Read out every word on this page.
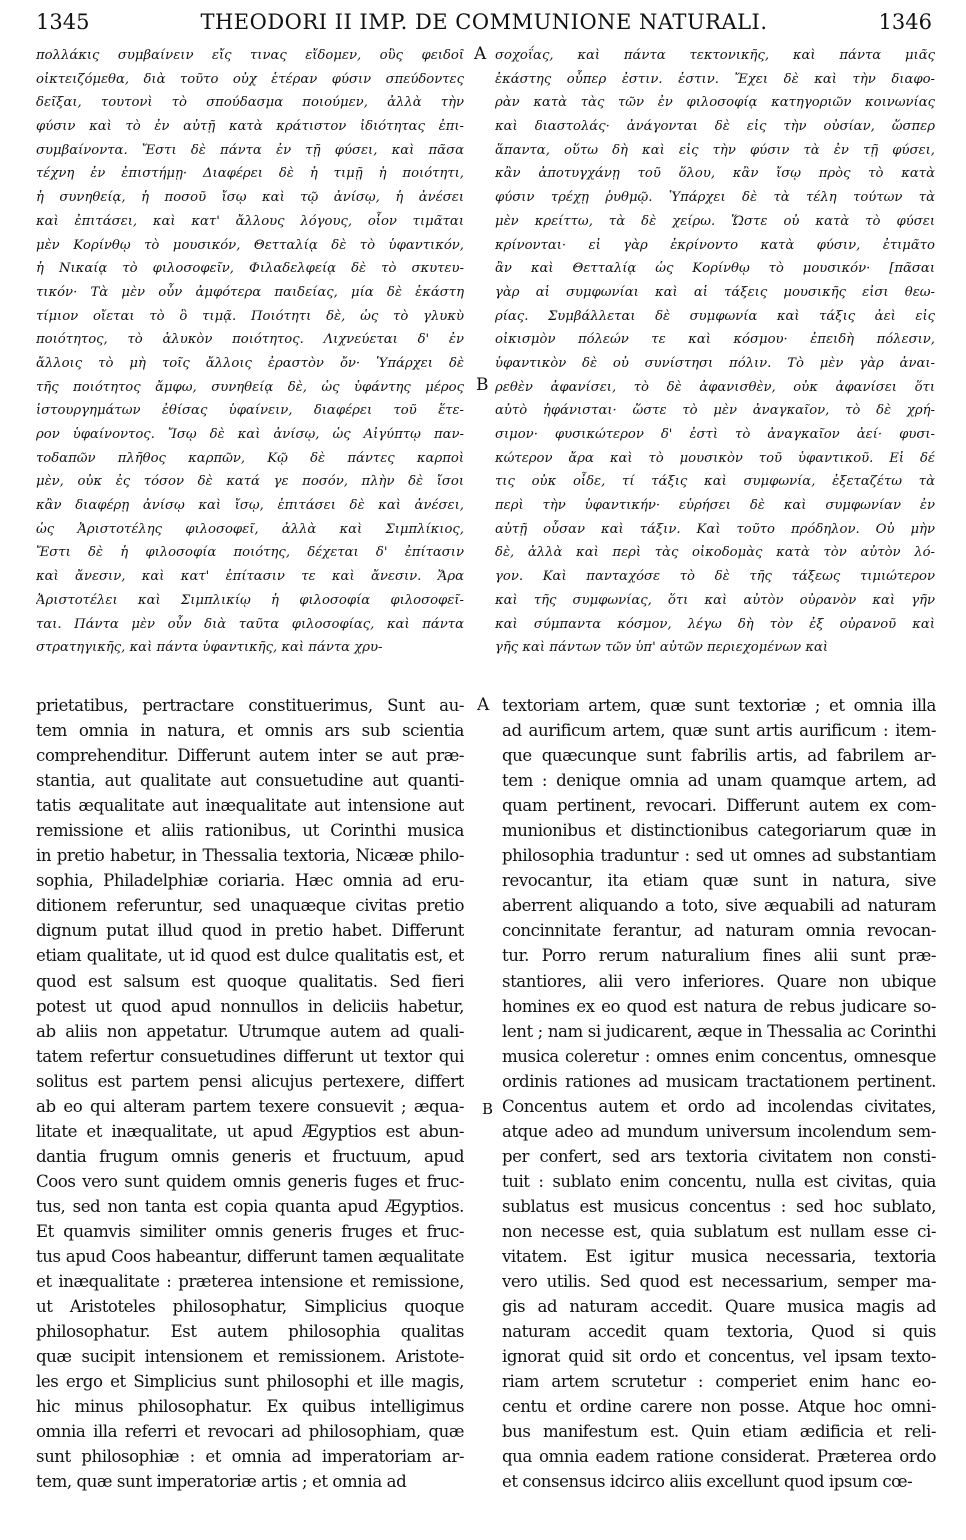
1345	THEODORI II IMP. DE COMMUNIONE NATURALI.	1346
πολλάκις συμβαίνειν εἴς τινας εἴδομεν, οὓς φειδοῖ
οἰκτειζόμεθα, διὰ τοῦτο οὐχ ἑτέραν φύσιν σπεύδοντες
δεῖξαι, τουτονὶ τὸ σπούδασμα ποιούμεν, ἀλλὰ τὴν
φύσιν καὶ τὸ ἐν αὐτῇ κατὰ κράτιστον ἰδιότητας ἐπι-
συμβαίνοντα. Ἔστι δὲ πάντα ἐν τῇ φύσει, καὶ πᾶσα
τέχνη ἐν ἐπιστήμῃ· Διαφέρει δὲ ἡ τιμῇ ἡ ποιότητι,
ἡ συνηθείᾳ, ἡ ποσοῦ ἴσῳ καὶ τῷ ἀνίσῳ, ἡ ἀνέσει
καὶ ἐπιτάσει, καὶ κατ' ἄλλους λόγους, οἷον τιμᾶται
μὲν Κορίνθῳ τὸ μουσικόν, Θετταλίᾳ δὲ τὸ ὑφαντικόν,
ἡ Νικαίᾳ τὸ φιλοσοφεῖν, Φιλαδελφείᾳ δὲ τὸ σκυτευ-
τικόν· Τὰ μὲν οὖν ἀμφότερα παιδείας, μία δὲ ἑκάστη
τίμιον οἴεται τὸ ὃ τιμᾷ. Ποιότητι δὲ, ὡς τὸ γλυκὺ
ποιότητος, τὸ ἁλυκὸν ποιότητος. Λιχνεύεται δ' ἐν
ἄλλοις τὸ μὴ τοῖς ἄλλοις ἐραστὸν ὄν· Ὑπάρχει δὲ
τῆς ποιότητος ἄμφω, συνηθείᾳ δὲ, ὡς ὑφάντης μέρος
ἱστουργημάτων ἐθίσας ὑφαίνειν, διαφέρει τοῦ ἕτε-
ρον ὑφαίνοντος. Ἴσῳ δὲ καὶ ἀνίσῳ, ὡς Αἰγύπτῳ παν-
τοδαπῶν πλῆθος καρπῶν, Κῷ δὲ πάντες καρποὶ
μὲν, οὐκ ἐς τόσον δὲ κατά γε ποσόν, πλὴν δὲ ἴσοι
κἂν διαφέρῃ ἀνίσῳ καὶ ἴσῳ, ἐπιτάσει δὲ καὶ ἀνέσει,
ὡς Ἀριστοτέλης φιλοσοφεῖ, ἀλλὰ καὶ Σιμπλίκιος,
Ἔστι δὲ ἡ φιλοσοφία ποιότης, δέχεται δ' ἐπίτασιν
καὶ ἄνεσιν, καὶ κατ' ἐπίτασιν τε καὶ ἄνεσιν. Ἄρα
Ἀριστοτέλει καὶ Σιμπλικίῳ ἡ φιλοσοφία φιλοσοφεῖ-
ται. Πάντα μὲν οὖν διὰ ταῦτα φιλοσοφίας, καὶ πάντα
στρατηγικῆς, καὶ πάντα ὑφαντικῆς, καὶ πάντα χρυ-
σοχοΐας, καὶ πάντα τεκτονικῆς, καὶ πάντα μιᾶς
ἑκάστης οὗπερ ἐστιν. ἐστιν. Ἔχει δὲ καὶ τὴν διαφο-
ρὰν κατὰ τὰς τῶν ἐν φιλοσοφίᾳ κατηγοριῶν κοινωνίας
καὶ διαστολάς· ἀνάγονται δὲ εἰς τὴν οὐσίαν, ὥσπερ
ἅπαντα, οὕτω δὴ καὶ εἰς τὴν φύσιν τὰ ἐν τῇ φύσει,
κἂν ἀποτυγχάνῃ τοῦ ὅλου, κἂν ἴσῳ πρὸς τὸ κατὰ
φύσιν τρέχῃ ῥυθμῷ. Ὑπάρχει δὲ τὰ τέλη τούτων τὰ
μὲν κρείττω, τὰ δὲ χείρω. Ὥστε οὐ κατὰ τὸ φύσει
κρίνονται· εἰ γὰρ ἐκρίνοντο κατὰ φύσιν, ἐτιμᾶτο
ἂν καὶ Θετταλίᾳ ὡς Κορίνθῳ τὸ μουσικόν· [πᾶσαι
γὰρ αἱ συμφωνίαι καὶ αἱ τάξεις μουσικῆς εἰσι θεω-
ρίας. Συμβάλλεται δὲ συμφωνία καὶ τάξις ἀεὶ εἰς
οἰκισμὸν πόλεών τε καὶ κόσμου· ἐπειδὴ πόλεσιν,
ὑφαντικὸν δὲ οὐ συνίστησι πόλιν. Τὸ μὲν γὰρ ἀναι-
ρεθὲν ἀφανίσει, τὸ δὲ ἀφανισθὲν, οὐκ ἀφανίσει ὅτι
αὐτὸ ἠφάνισται· ὥστε τὸ μὲν ἀναγκαῖον, τὸ δὲ χρή-
σιμον· φυσικώτερον δ' ἐστὶ τὸ ἀναγκαῖον ἀεί· φυσι-
κώτερον ἄρα καὶ τὸ μουσικὸν τοῦ ὑφαντικοῦ. Εἰ δέ
τις οὐκ οἶδε, τί τάξις καὶ συμφωνία, ἐξεταζέτω τὰ
περὶ τὴν ὑφαντικήν· εὑρήσει δὲ καὶ συμφωνίαν ἐν
αὐτῇ οὖσαν καὶ τάξιν. Καὶ τοῦτο πρόδηλον. Οὐ μὴν
δὲ, ἀλλὰ καὶ περὶ τὰς οἰκοδομὰς κατὰ τὸν αὐτὸν λό-
γον. Καὶ πανταχόσε τὸ δὲ τῆς τάξεως τιμιώτερον
καὶ τῆς συμφωνίας, ὅτι καὶ αὐτὸν οὐρανὸν καὶ γῆν
καὶ σύμπαντα κόσμον, λέγω δὴ τὸν ἐξ οὐρανοῦ καὶ
γῆς καὶ πάντων τῶν ὑπ' αὐτῶν περιεχομένων καὶ
prietatibus, pertractare constituerimus, Sunt au-
tem omnia in natura, et omnis ars sub scientia
comprehenditur. Differunt autem inter se aut præ-
stantia, aut qualitate aut consuetudine aut quanti-
tatis æqualitate aut inæqualitate aut intensione aut
remissione et aliis rationibus, ut Corinthi musica
in pretio habetur, in Thessalia textoria, Nicææ philo-
sophia, Philadelphiæ coriaria. Hæc omnia ad eru-
ditionem referuntur, sed unaquæque civitas pretio
dignum putat illud quod in pretio habet. Differunt
etiam qualitate, ut id quod est dulce qualitatis est, et
quod est salsum est quoque qualitatis. Sed fieri
potest ut quod apud nonnullos in deliciis habetur,
ab aliis non appetatur. Utrumque autem ad quali-
tatem refertur consuetudines differunt ut textor qui
solitus est partem pensi alicujus pertexere, differt
ab eo qui alteram partem texere consuevit ; æqua-
litate et inæqualitate, ut apud Ægyptios est abun-
dantia frugum omnis generis et fructuum, apud
Coos vero sunt quidem omnis generis fuges et fruc-
tus, sed non tanta est copia quanta apud Ægyptios.
Et quamvis similiter omnis generis fruges et fruc-
tus apud Coos habeantur, differunt tamen æqualitate
et inæqualitate : præterea intensione et remissione,
ut Aristoteles philosophatur, Simplicius quoque
philosophatur. Est autem philosophia qualitas
quæ sucipit intensionem et remissionem. Aristote-
les ergo et Simplicius sunt philosophi et ille magis,
hic minus philosophatur. Ex quibus intelligimus
omnia illa referri et revocari ad philosophiam, quæ
sunt philosophiæ : et omnia ad imperatoriam ar-
tem, quæ sunt imperatoriæ artis ; et omnia ad
textoriam artem, quæ sunt textoriæ ; et omnia illa
ad aurificum artem, quæ sunt artis aurificum : item-
que quæcunque sunt fabrilis artis, ad fabrilem ar-
tem : denique omnia ad unam quamque artem, ad
quam pertinent, revocari. Differunt autem ex com-
munionibus et distinctionibus categoriarum quæ in
philosophia traduntur : sed ut omnes ad substantiam
revocantur, ita etiam quæ sunt in natura, sive
aberrent aliquando a toto, sive æquabili ad naturam
concinnitate ferantur, ad naturam omnia revocan-
tur. Porro rerum naturalium fines alii sunt præ-
stantiores, alii vero inferiores. Quare non ubique
homines ex eo quod est natura de rebus judicare so-
lent ; nam si judicarent, æque in Thessalia ac Corinthi
musica coleretur : omnes enim concentus, omnesque
ordinis rationes ad musicam tractationem pertinent.
Concentus autem et ordo ad incolendas civitates,
atque adeo ad mundum universum incolendum sem-
per confert, sed ars textoria civitatem non consti-
tuit : sublato enim concentu, nulla est civitas, quia
sublatus est musicus concentus : sed hoc sublato,
non necesse est, quia sublatum est nullam esse ci-
vitatem. Est igitur musica necessaria, textoria
vero utilis. Sed quod est necessarium, semper ma-
gis ad naturam accedit. Quare musica magis ad
naturam accedit quam textoria, Quod si quis
ignorat quid sit ordo et concentus, vel ipsam texto-
riam artem scrutetur : comperiet enim hanc eo-
centu et ordine carere non posse. Atque hoc omni-
bus manifestum est. Quin etiam ædificia et reli-
qua omnia eadem ratione considerat. Præterea ordo
et consensus idcirco aliis excellunt quod ipsum cœ-
A
B
A
B
